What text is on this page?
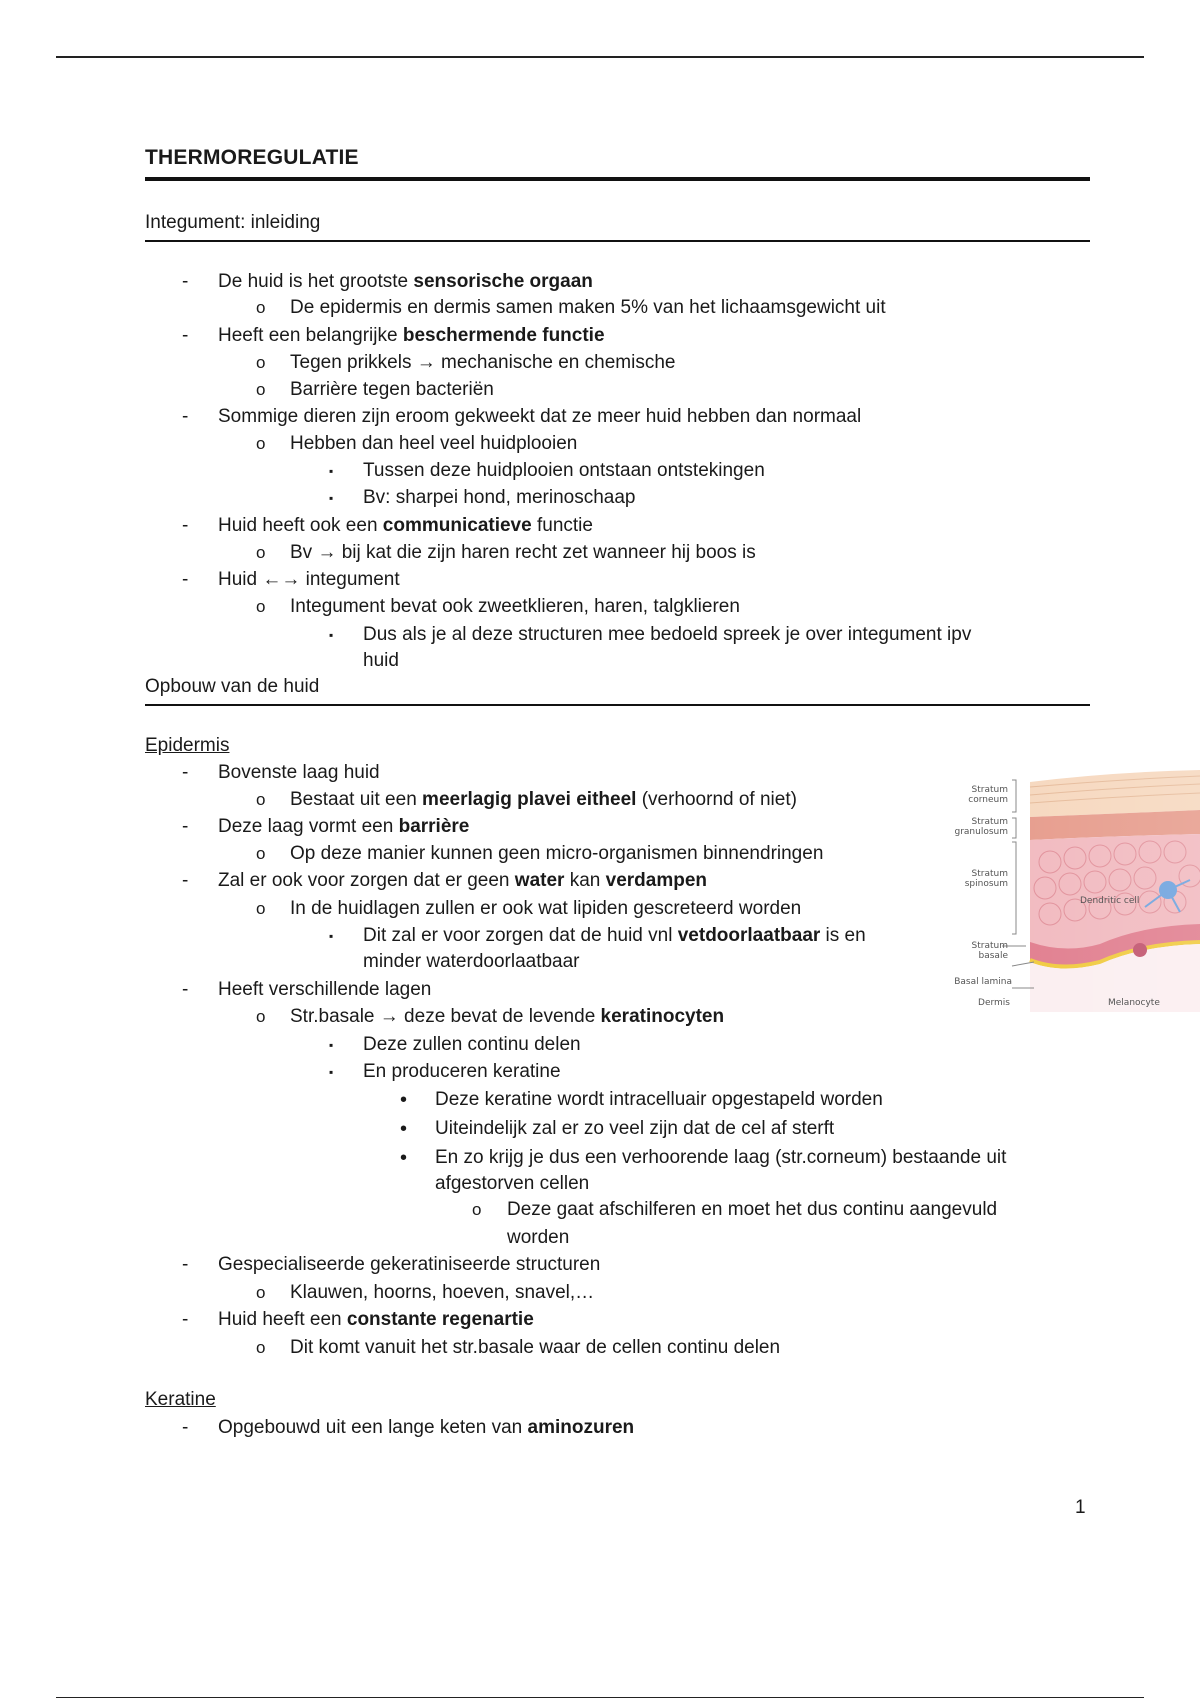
THERMOREGULATIE
Integument: inleiding
- De huid is het grootste sensorische orgaan
o De epidermis en dermis samen maken 5% van het lichaamsgewicht uit
- Heeft een belangrijke beschermende functie
o Tegen prikkels → mechanische en chemische
o Barrière tegen bacteriën
- Sommige dieren zijn eroom gekweekt dat ze meer huid hebben dan normaal
o Hebben dan heel veel huidplooien
▪ Tussen deze huidplooien ontstaan ontstekingen
▪ Bv: sharpei hond, merinoschaap
- Huid heeft ook een communicatieve functie
o Bv → bij kat die zijn haren recht zet wanneer hij boos is
- Huid ←→ integument
o Integument bevat ook zweetklieren, haren, talgklieren
▪ Dus als je al deze structuren mee bedoeld spreek je over integument ipv
huid
Opbouw van de huid
Epidermis
- Bovenste laag huid
o Bestaat uit een meerlagig plavei eitheel (verhoornd of niet)
- Deze laag vormt een barrière
o Op deze manier kunnen geen micro-organismen binnendringen
- Zal er ook voor zorgen dat er geen water kan verdampen
o In de huidlagen zullen er ook wat lipiden gescreteerd worden
▪ Dit zal er voor zorgen dat de huid vnl vetdoorlaatbaar is en
minder waterdoorlaatbaar
- Heeft verschillende lagen
o Str.basale → deze bevat de levende keratinocyten
▪ Deze zullen continu delen
▪ En produceren keratine
• Deze keratine wordt intracelluair opgestapeld worden
• Uiteindelijk zal er zo veel zijn dat de cel af sterft
• En zo krijg je dus een verhoorende laag (str.corneum) bestaande uit
afgestorven cellen
o Deze gaat afschilferen en moet het dus continu aangevuld
worden
- Gespecialiseerde gekeratiniseerde structuren
o Klauwen, hoorns, hoeven, snavel,…
- Huid heeft een constante regenartie
o Dit komt vanuit het str.basale waar de cellen continu delen
Keratine
- Opgebouwd uit een lange keten van aminozuren

1

Stratum corneum
Stratum granulosum
Stratum spinosum
Stratum basale
Basal lamina
Dermis
Dendritic cell
Melanocyte
